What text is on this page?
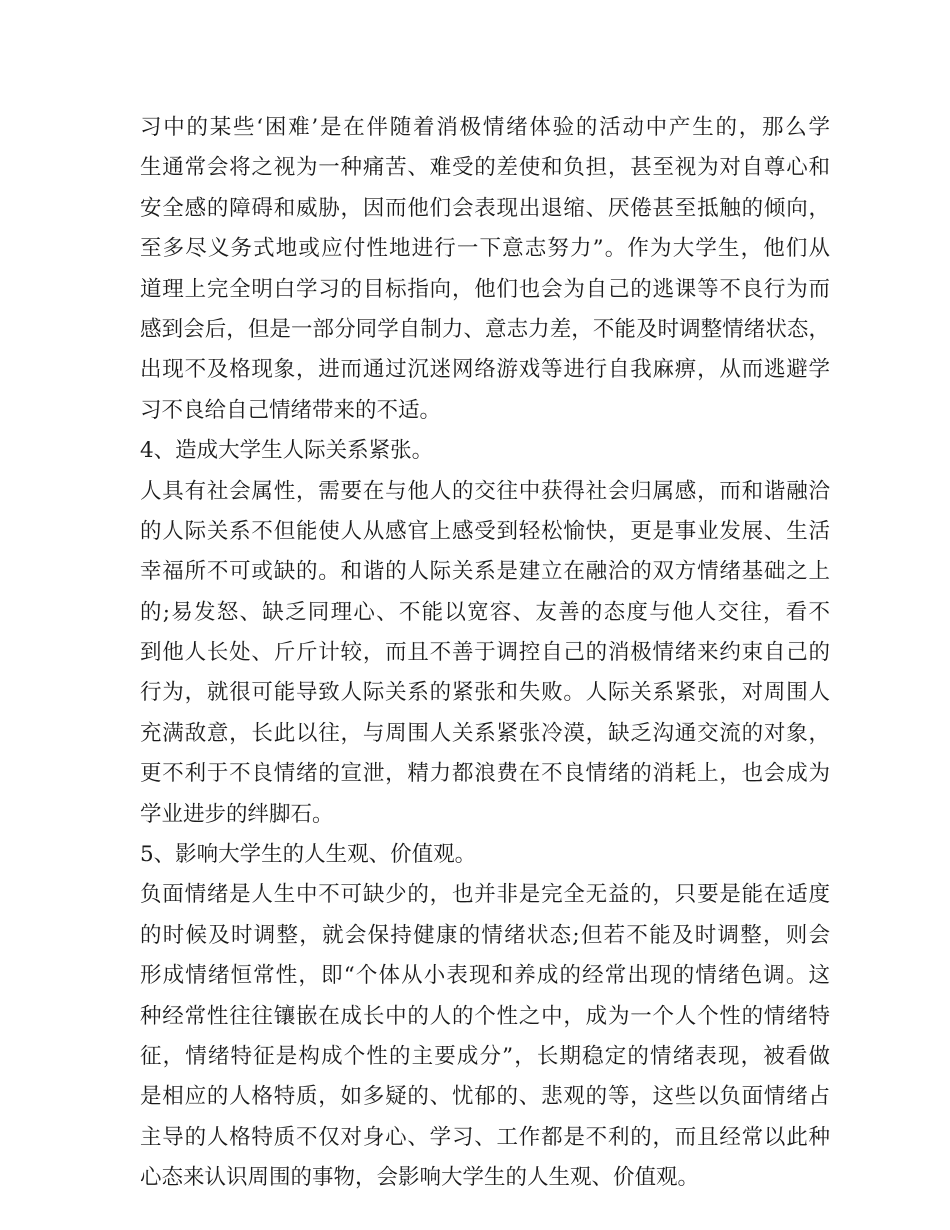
习中的某些‘困难’是在伴随着消极情绪体验的活动中产生的，那么学
生通常会将之视为一种痛苦、难受的差使和负担，甚至视为对自尊心和
安全感的障碍和威胁，因而他们会表现出退缩、厌倦甚至抵触的倾向，
至多尽义务式地或应付性地进行一下意志努力”。作为大学生，他们从
道理上完全明白学习的目标指向，他们也会为自己的逃课等不良行为而
感到会后，但是一部分同学自制力、意志力差，不能及时调整情绪状态，
出现不及格现象，进而通过沉迷网络游戏等进行自我麻痹，从而逃避学
习不良给自己情绪带来的不适。
4、造成大学生人际关系紧张。
人具有社会属性，需要在与他人的交往中获得社会归属感，而和谐融洽
的人际关系不但能使人从感官上感受到轻松愉快，更是事业发展、生活
幸福所不可或缺的。和谐的人际关系是建立在融洽的双方情绪基础之上
的;易发怒、缺乏同理心、不能以宽容、友善的态度与他人交往，看不
到他人长处、斤斤计较，而且不善于调控自己的消极情绪来约束自己的
行为，就很可能导致人际关系的紧张和失败。人际关系紧张，对周围人
充满敌意，长此以往，与周围人关系紧张冷漠，缺乏沟通交流的对象，
更不利于不良情绪的宣泄，精力都浪费在不良情绪的消耗上，也会成为
学业进步的绊脚石。
5、影响大学生的人生观、价值观。
负面情绪是人生中不可缺少的，也并非是完全无益的，只要是能在适度
的时候及时调整，就会保持健康的情绪状态;但若不能及时调整，则会
形成情绪恒常性，即“个体从小表现和养成的经常出现的情绪色调。这
种经常性往往镶嵌在成长中的人的个性之中，成为一个人个性的情绪特
征，情绪特征是构成个性的主要成分”，长期稳定的情绪表现，被看做
是相应的人格特质，如多疑的、忧郁的、悲观的等，这些以负面情绪占
主导的人格特质不仅对身心、学习、工作都是不利的，而且经常以此种
心态来认识周围的事物，会影响大学生的人生观、价值观。
